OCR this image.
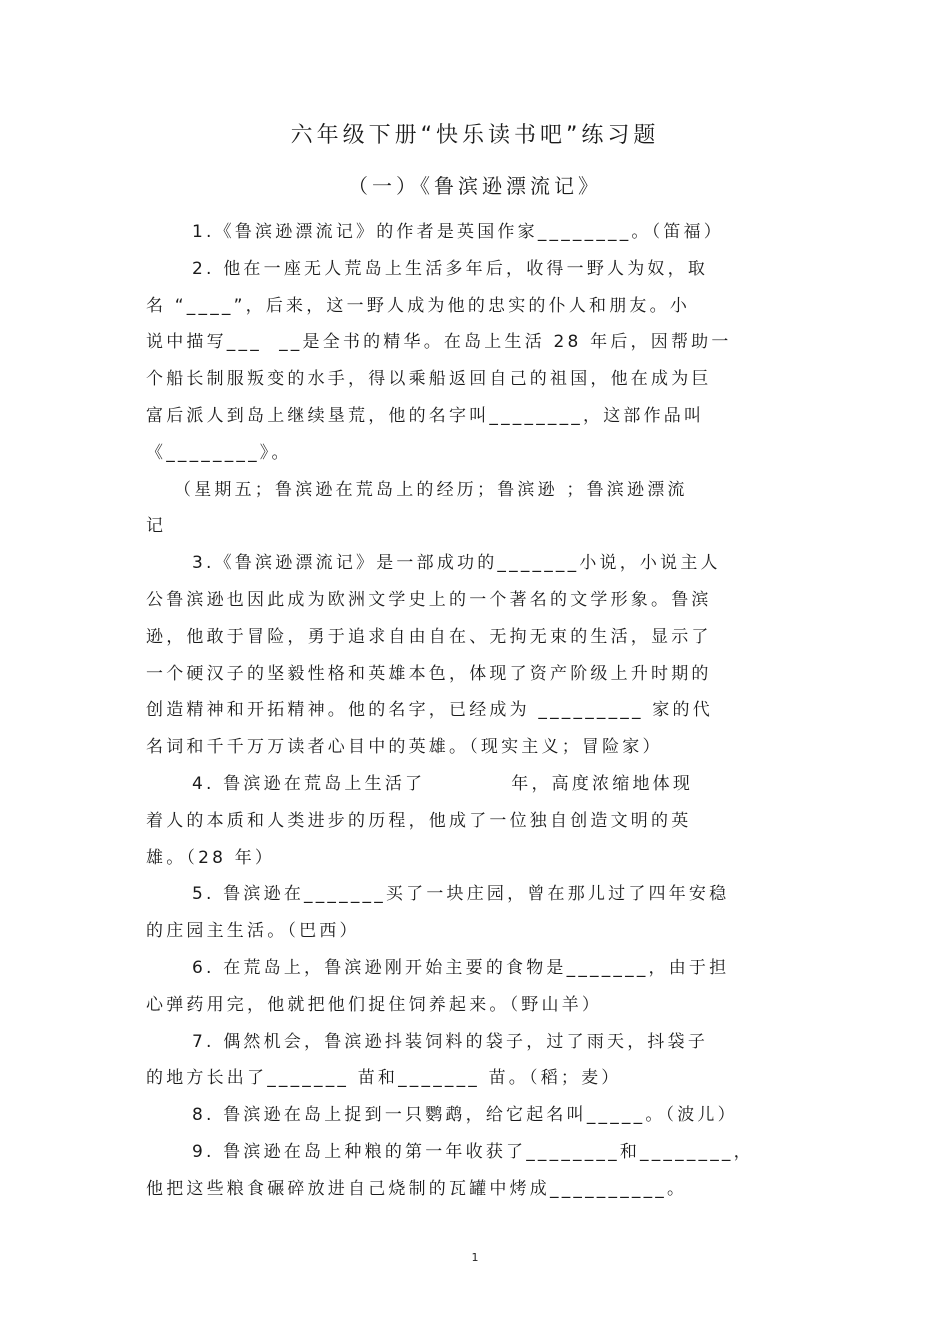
六年级下册“快乐读书吧”练习题
（一）《鲁滨逊漂流记》
1.《鲁滨逊漂流记》的作者是英国作家________。（笛福）
2. 他在一座无人荒岛上生活多年后，收得一野人为奴，取
名 “____”，后来，这一野人成为他的忠实的仆人和朋友。小
说中描写___  __是全书的精华。在岛上生活 28 年后，因帮助一
个船长制服叛变的水手，得以乘船返回自己的祖国，他在成为巨
富后派人到岛上继续垦荒，他的名字叫________，这部作品叫
《________》。
（星期五；鲁滨逊在荒岛上的经历；鲁滨逊 ；鲁滨逊漂流
记
3.《鲁滨逊漂流记》是一部成功的_______小说，小说主人
公鲁滨逊也因此成为欧洲文学史上的一个著名的文学形象。鲁滨
逊，他敢于冒险，勇于追求自由自在、无拘无束的生活，显示了
一个硬汉子的坚毅性格和英雄本色，体现了资产阶级上升时期的
创造精神和开拓精神。他的名字，已经成为 _________ 家的代
名词和千千万万读者心目中的英雄。（现实主义；冒险家）
4. 鲁滨逊在荒岛上生活了          年，高度浓缩地体现
着人的本质和人类进步的历程，他成了一位独自创造文明的英
雄。（28 年）
5. 鲁滨逊在_______买了一块庄园，曾在那儿过了四年安稳
的庄园主生活。（巴西）
6. 在荒岛上，鲁滨逊刚开始主要的食物是_______，由于担
心弹药用完，他就把他们捉住饲养起来。（野山羊）
7. 偶然机会，鲁滨逊抖装饲料的袋子，过了雨天，抖袋子
的地方长出了_______ 苗和_______ 苗。（稻；麦）
8. 鲁滨逊在岛上捉到一只鹦鹉，给它起名叫_____。（波儿）
9. 鲁滨逊在岛上种粮的第一年收获了________和________，
他把这些粮食碾碎放进自己烧制的瓦罐中烤成__________。
1
